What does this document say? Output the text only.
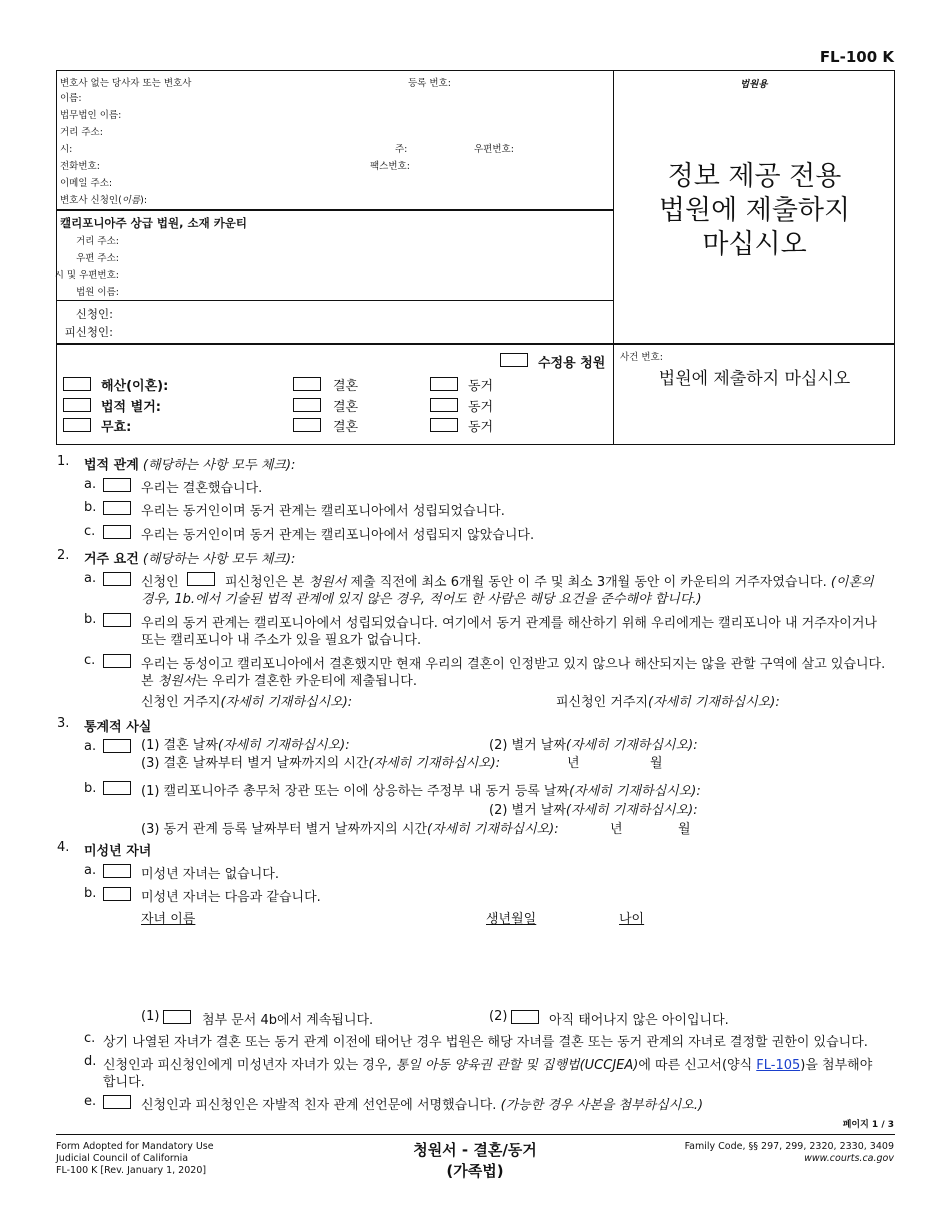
FL-100 K
변호사 없는 당사자 또는 변호사	등록 번호:
이름:
법무법인 이름:
거리 주소:
시:	주:	우편번호:
전화번호:	팩스번호:
이메일 주소:
변호사 신청인(이름):
캘리포니아주 상급 법원, 소재 카운티
거리 주소:
우편 주소:
시 및 우편번호:
법원 이름:
신청인:
피신청인:
법원용
정보 제공 전용
법원에 제출하지
마십시오
수정용 청원
해산(이혼):	결혼	동거
법적 별거:	결혼	동거
무효:	결혼	동거
사건 번호:
법원에 제출하지 마십시오
1. 법적 관계 (해당하는 사항 모두 체크):
a.	우리는 결혼했습니다.
b.	우리는 동거인이며 동거 관계는 캘리포니아에서 성립되었습니다.
c.	우리는 동거인이며 동거 관계는 캘리포니아에서 성립되지 않았습니다.
2. 거주 요건 (해당하는 사항 모두 체크):
a.	신청인	피신청인은 본 청원서 제출 직전에 최소 6개월 동안 이 주 및 최소 3개월 동안 이 카운티의 거주자였습니다. (이혼의
경우, 1b.에서 기술된 법적 관계에 있지 않은 경우, 적어도 한 사람은 해당 요건을 준수해야 합니다.)
b.	우리의 동거 관계는 캘리포니아에서 성립되었습니다. 여기에서 동거 관계를 해산하기 위해 우리에게는 캘리포니아 내 거주자이거나
또는 캘리포니아 내 주소가 있을 필요가 없습니다.
c.	우리는 동성이고 캘리포니아에서 결혼했지만 현재 우리의 결혼이 인정받고 있지 않으나 해산되지는 않을 관할 구역에 살고 있습니다.
본 청원서는 우리가 결혼한 카운티에 제출됩니다.
신청인 거주지(자세히 기재하십시오):	피신청인 거주지(자세히 기재하십시오):
3. 통계적 사실
a.	(1) 결혼 날짜(자세히 기재하십시오):	(2) 별거 날짜(자세히 기재하십시오):
(3) 결혼 날짜부터 별거 날짜까지의 시간(자세히 기재하십시오):	년	월
b.	(1) 캘리포니아주 총무처 장관 또는 이에 상응하는 주정부 내 동거 등록 날짜(자세히 기재하십시오):
(2) 별거 날짜(자세히 기재하십시오):
(3) 동거 관계 등록 날짜부터 별거 날짜까지의 시간(자세히 기재하십시오):	년	월
4. 미성년 자녀
a.	미성년 자녀는 없습니다.
b.	미성년 자녀는 다음과 같습니다.
자녀 이름	생년월일	나이
(1)	첨부 문서 4b에서 계속됩니다.	(2)	아직 태어나지 않은 아이입니다.
c. 상기 나열된 자녀가 결혼 또는 동거 관계 이전에 태어난 경우 법원은 해당 자녀를 결혼 또는 동거 관계의 자녀로 결정할 권한이 있습니다.
d. 신청인과 피신청인에게 미성년자 자녀가 있는 경우, 통일 아동 양육권 관할 및 집행법(UCCJEA)에 따른 신고서(양식 FL-105)을 첨부해야
합니다.
e.	신청인과 피신청인은 자발적 친자 관계 선언문에 서명했습니다. (가능한 경우 사본을 첨부하십시오.)
페이지 1 / 3
Form Adopted for Mandatory Use
Judicial Council of California
FL-100 K [Rev. January 1, 2020]
청원서 - 결혼/동거
(가족법)
Family Code, §§ 297, 299, 2320, 2330, 3409
www.courts.ca.gov
